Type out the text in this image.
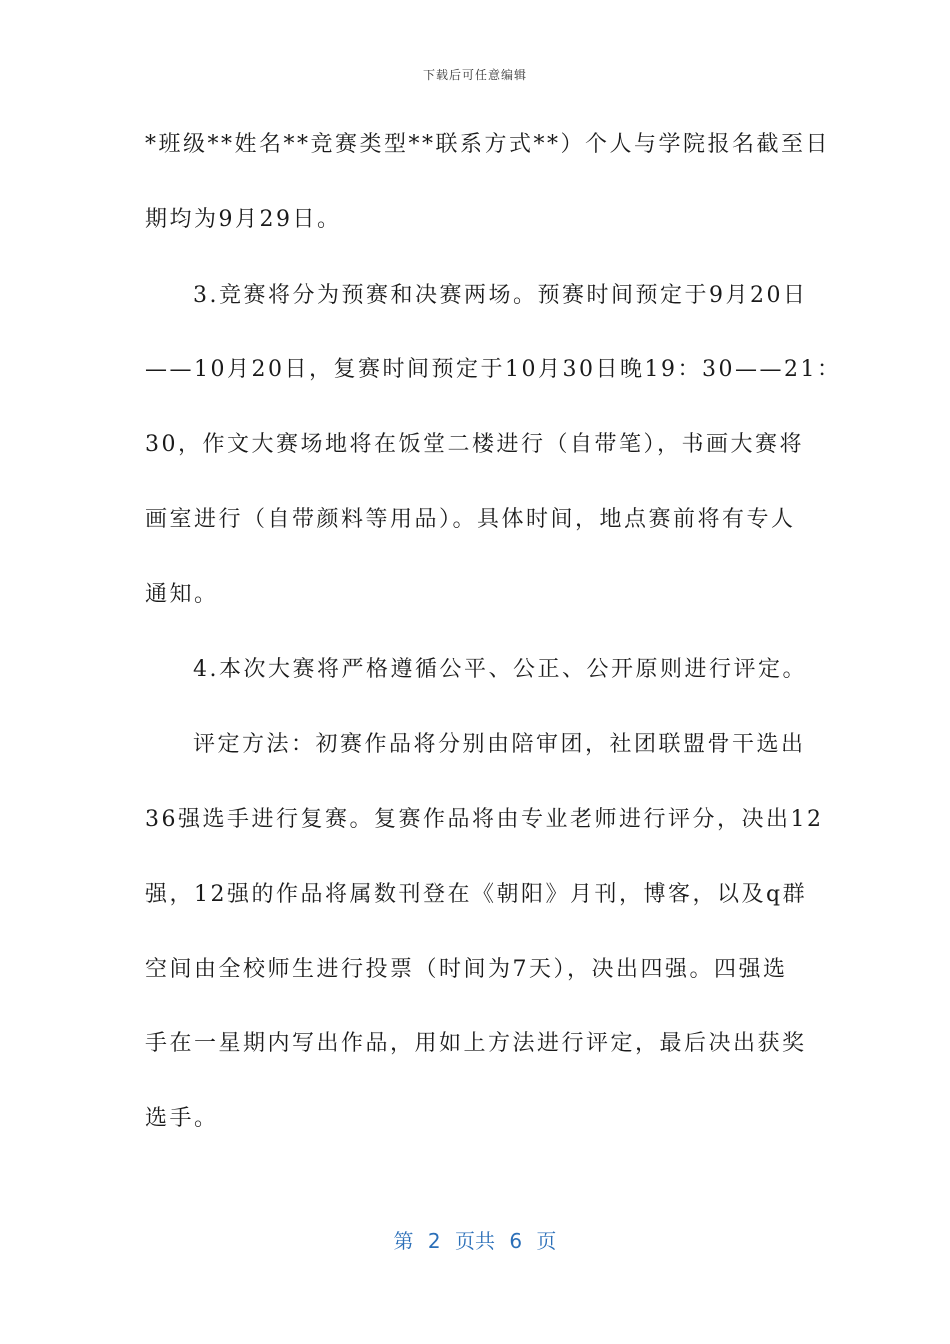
下载后可任意编辑
*班级**姓名**竞赛类型**联系方式**）个人与学院报名截至日
期均为9月29日。
3.竞赛将分为预赛和决赛两场。预赛时间预定于9月20日
——10月20日，复赛时间预定于10月30日晚19：30——21：
30，作文大赛场地将在饭堂二楼进行（自带笔），书画大赛将
画室进行（自带颜料等用品）。具体时间，地点赛前将有专人
通知。
4.本次大赛将严格遵循公平、公正、公开原则进行评定。
评定方法：初赛作品将分别由陪审团，社团联盟骨干选出
36强选手进行复赛。复赛作品将由专业老师进行评分，决出12
强，12强的作品将属数刊登在《朝阳》月刊，博客，以及q群
空间由全校师生进行投票（时间为7天），决出四强。四强选
手在一星期内写出作品，用如上方法进行评定，最后决出获奖
选手。
第 2 页共 6 页
